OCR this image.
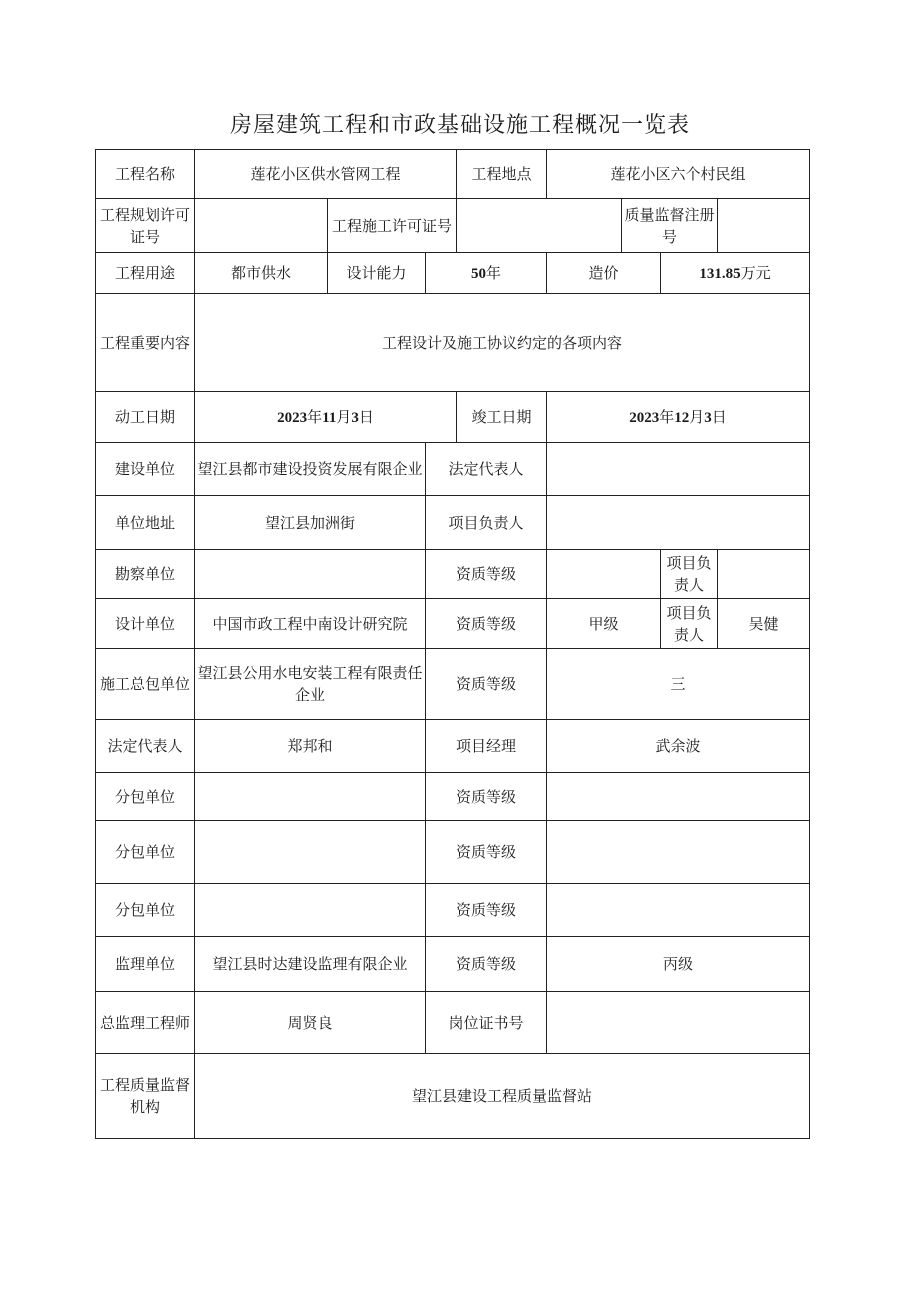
房屋建筑工程和市政基础设施工程概况一览表
工程名称	莲花小区供水管网工程			工程地点	莲花小区六个村民组			
工程规划许可证号		工程施工许可证号				质量监督注册号		
工程用途	都市供水	设计能力	50年		造价		131.85万元	
工程重要内容	工程设计及施工协议约定的各项内容							
动工日期	2023年11月3日			竣工日期	2023年12月3日			
建设单位	望江县都市建设投资发展有限企业		法定代表人					
单位地址	望江县加洲街		项目负责人					
勘察单位			资质等级				项目负责人	
设计单位	中国市政工程中南设计研究院		资质等级		甲级		项目负责人	吴健
施工总包单位	望江县公用水电安装工程有限责任企业		资质等级		三			
法定代表人	郑邦和		项目经理		武余波			
分包单位			资质等级					
分包单位			资质等级					
分包单位			资质等级					
监理单位	望江县时达建设监理有限企业		资质等级		丙级			
总监理工程师	周贤良		岗位证书号					
工程质量监督机构	望江县建设工程质量监督站							
